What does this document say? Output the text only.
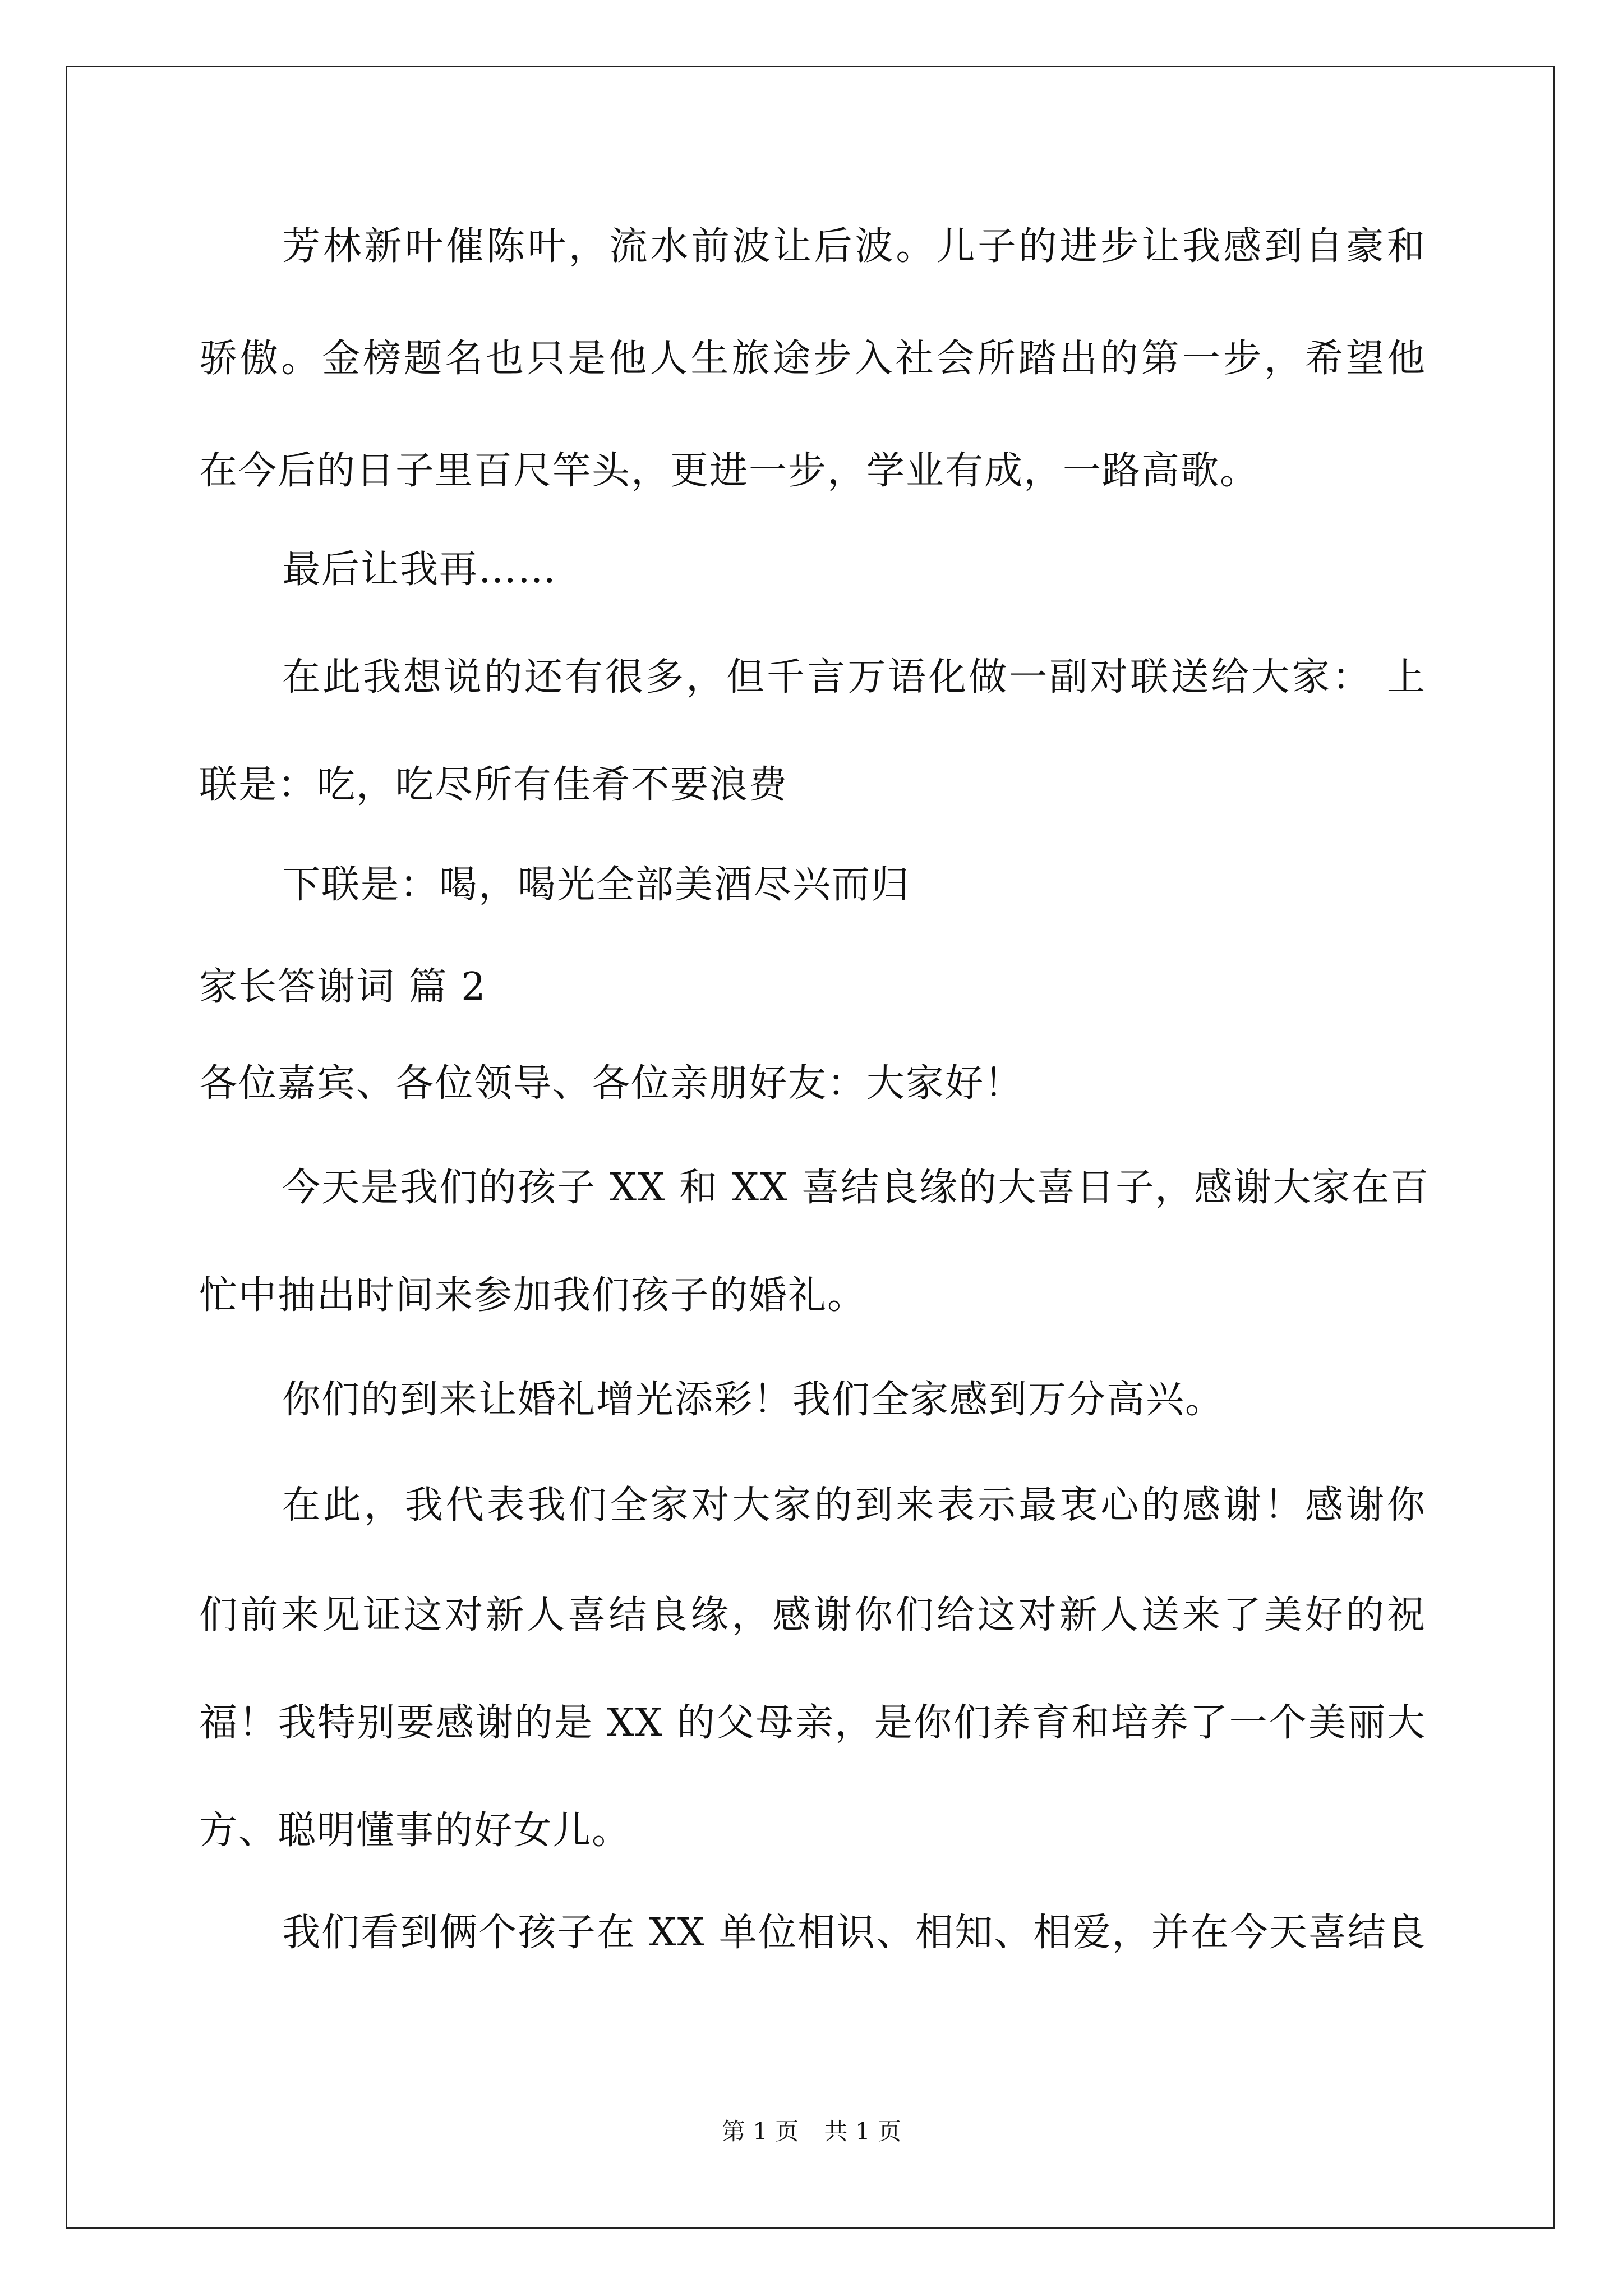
芳林新叶催陈叶，流水前波让后波。儿子的进步让我感到自豪和

骄傲。金榜题名也只是他人生旅途步入社会所踏出的第一步，希望他

在今后的日子里百尺竿头，更进一步，学业有成，一路高歌。

最后让我再……

在此我想说的还有很多，但千言万语化做一副对联送给大家： 上

联是：吃，吃尽所有佳肴不要浪费

下联是：喝，喝光全部美酒尽兴而归

家长答谢词 篇 2

各位嘉宾、各位领导、各位亲朋好友：大家好！

今天是我们的孩子 XX 和 XX 喜结良缘的大喜日子，感谢大家在百

忙中抽出时间来参加我们孩子的婚礼。

你们的到来让婚礼增光添彩！我们全家感到万分高兴。

在此，我代表我们全家对大家的到来表示最衷心的感谢！感谢你

们前来见证这对新人喜结良缘，感谢你们给这对新人送来了美好的祝

福！我特别要感谢的是 XX 的父母亲，是你们养育和培养了一个美丽大

方、聪明懂事的好女儿。

我们看到俩个孩子在 XX 单位相识、相知、相爱，并在今天喜结良

第 1 页 共 1 页
